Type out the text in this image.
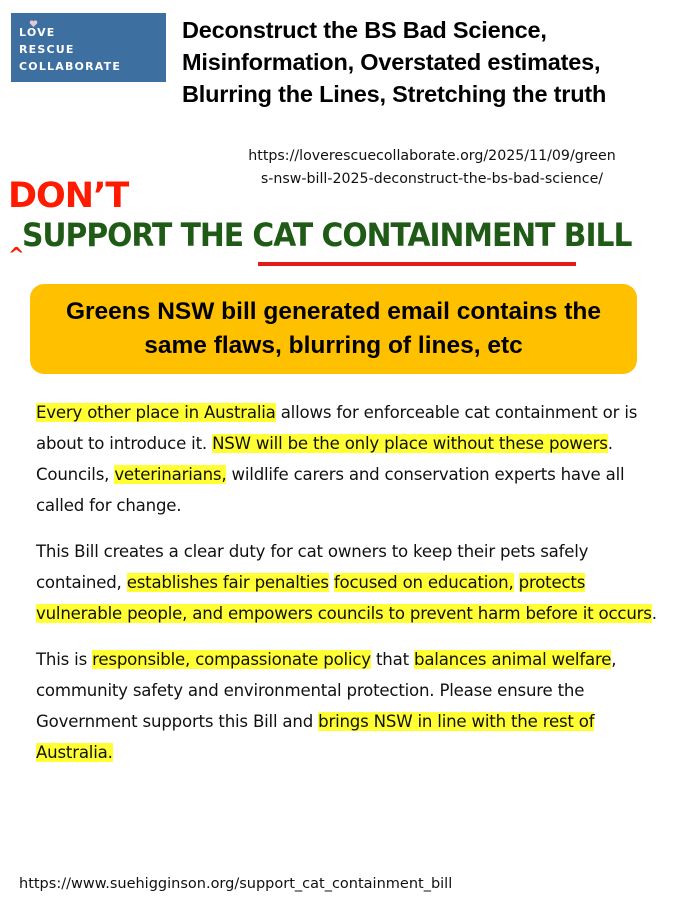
LOVE
RESCUE
COLLABORATE
Deconstruct the BS Bad Science,
Misinformation, Overstated estimates,
Blurring the Lines, Stretching the truth
https://loverescuecollaborate.org/2025/11/09/green
s-nsw-bill-2025-deconstruct-the-bs-bad-science/
DON’T
^
SUPPORT THE CAT CONTAINMENT BILL
Greens NSW bill generated email contains the
same flaws, blurring of lines, etc

Every other place in Australia allows for enforceable cat containment or is about to introduce it. NSW will be the only place without these powers. Councils, veterinarians, wildlife carers and conservation experts have all called for change.

This Bill creates a clear duty for cat owners to keep their pets safely contained, establishes fair penalties focused on education, protects vulnerable people, and empowers councils to prevent harm before it occurs.

This is responsible, compassionate policy that balances animal welfare, community safety and environmental protection. Please ensure the Government supports this Bill and brings NSW in line with the rest of Australia.

https://www.suehigginson.org/support_cat_containment_bill
